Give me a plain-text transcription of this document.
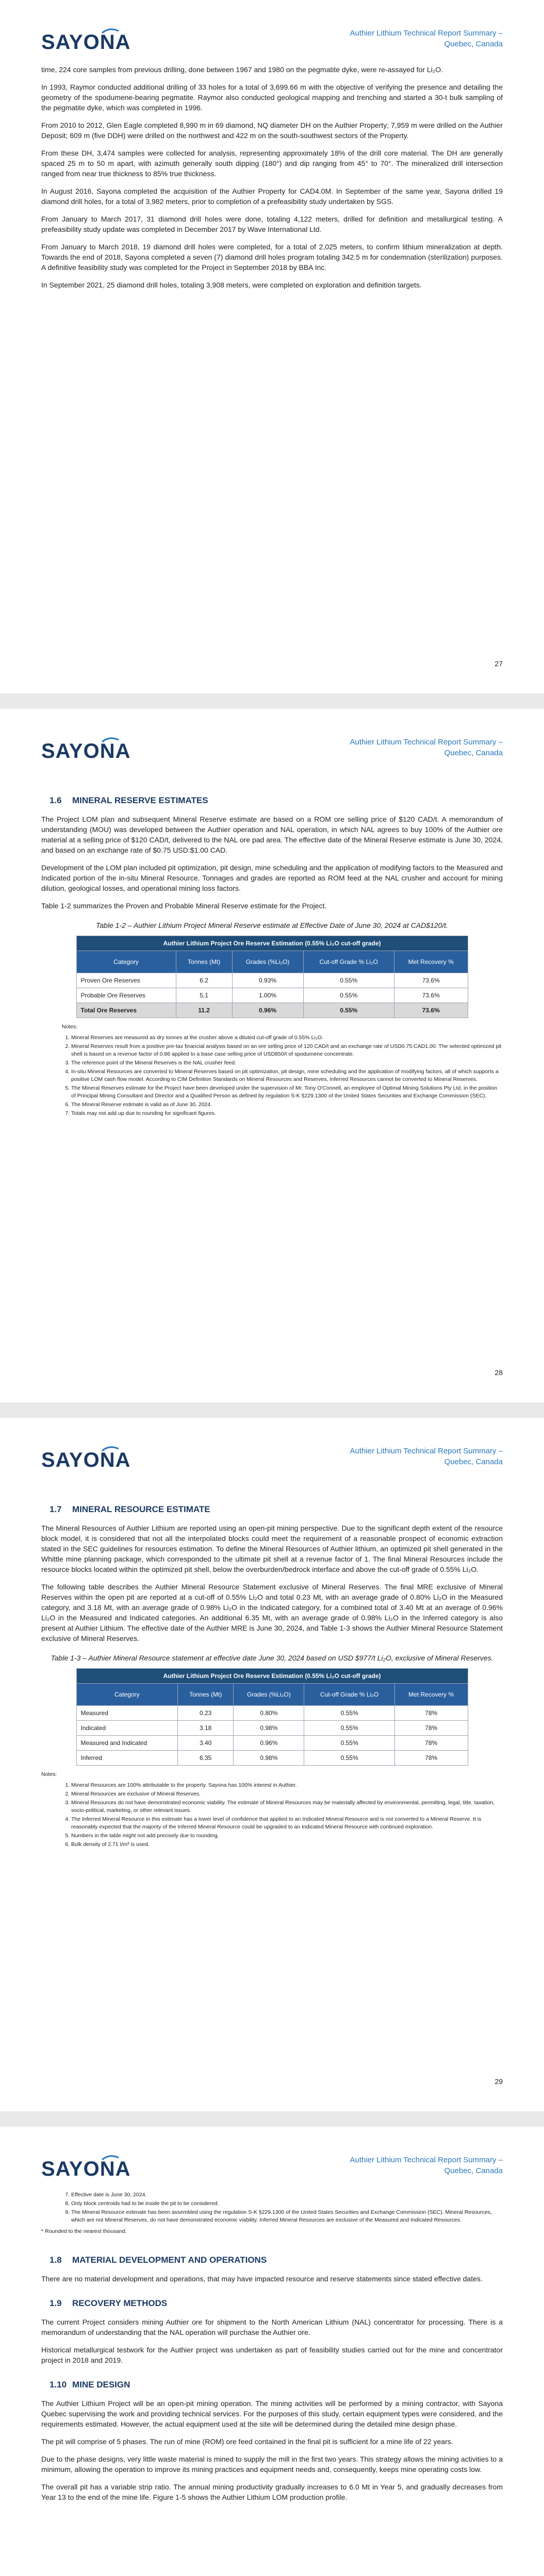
SAYONA	Authier Lithium Technical Report Summary –
Quebec, Canada

time, 224 core samples from previous drilling, done between 1967 and 1980 on the pegmatite dyke, were re-assayed for Li₂O.

In 1993, Raymor conducted additional drilling of 33 holes for a total of 3,699.66 m with the objective of verifying the presence and detailing the geometry of the spodumene-bearing pegmatite. Raymor also conducted geological mapping and trenching and started a 30-t bulk sampling of the pegmatite dyke, which was completed in 1996.

From 2010 to 2012, Glen Eagle completed 8,990 m in 69 diamond, NQ diameter DH on the Authier Property; 7,959 m were drilled on the Authier Deposit; 609 m (five DDH) were drilled on the northwest and 422 m on the south-southwest sectors of the Property.

From these DH, 3,474 samples were collected for analysis, representing approximately 18% of the drill core material. The DH are generally spaced 25 m to 50 m apart, with azimuth generally south dipping (180°) and dip ranging from 45° to 70°. The mineralized drill intersection ranged from near true thickness to 85% true thickness.

In August 2016, Sayona completed the acquisition of the Authier Property for CAD4.0M. In September of the same year, Sayona drilled 19 diamond drill holes, for a total of 3,982 meters, prior to completion of a prefeasibility study undertaken by SGS.

From January to March 2017, 31 diamond drill holes were done, totaling 4,122 meters, drilled for definition and metallurgical testing. A prefeasibility study update was completed in December 2017 by Wave International Ltd.

From January to March 2018, 19 diamond drill holes were completed, for a total of 2,025 meters, to confirm lithium mineralization at depth. Towards the end of 2018, Sayona completed a seven (7) diamond drill holes program totaling 342.5 m for condemnation (sterilization) purposes. A definitive feasibility study was completed for the Project in September 2018 by BBA Inc.

In September 2021, 25 diamond drill holes, totaling 3,908 meters, were completed on exploration and definition targets.

27
SAYONA	Authier Lithium Technical Report Summary –
Quebec, Canada
1.6 MINERAL RESERVE ESTIMATES

The Project LOM plan and subsequent Mineral Reserve estimate are based on a ROM ore selling price of $120 CAD/t. A memorandum of understanding (MOU) was developed between the Authier operation and NAL operation, in which NAL agrees to buy 100% of the Authier ore material at a selling price of $120 CAD/t, delivered to the NAL ore pad area. The effective date of the Mineral Reserve estimate is June 30, 2024, and based on an exchange rate of $0.75 USD:$1.00 CAD.

Development of the LOM plan included pit optimization, pit design, mine scheduling and the application of modifying factors to the Measured and Indicated portion of the in-situ Mineral Resource. Tonnages and grades are reported as ROM feed at the NAL crusher and account for mining dilution, geological losses, and operational mining loss factors.

Table 1-2 summarizes the Proven and Probable Mineral Reserve estimate for the Project.

Table 1-2 – Authier Lithium Project Mineral Reserve estimate at Effective Date of June 30, 2024 at CAD$120/t.
Authier Lithium Project Ore Reserve Estimation (0.55% Li₂O cut-off grade)				
Category	Tonnes (Mt)	Grades (%Li₂O)	Cut-off Grade % Li₂O	Met Recovery %
Proven Ore Reserves	6.2	0.93%	0.55%	73.6%
Probable Ore Reserves	5.1	1.00%	0.55%	73.6%
Total Ore Reserves	11.2	0.96%	0.55%	73.6%
Notes:
1. Mineral Reserves are measured as dry tonnes at the crusher above a diluted cut-off grade of 0.55% Li₂O.
2. Mineral Reserves result from a positive pre-tax financial analysis based on an ore selling price of 120 CAD/t and an exchange rate of USD0.75:CAD1.00. The selected optimized pit shell is based on a revenue factor of 0.86 applied to a base case selling price of USD850/t of spodumene concentrate.
3. The reference point of the Mineral Reserves is the NAL crusher feed.
4. In-situ Mineral Resources are converted to Mineral Reserves based on pit optimization, pit design, mine scheduling and the application of modifying factors, all of which supports a positive LOM cash flow model. According to CIM Definition Standards on Mineral Resources and Reserves, Inferred Resources cannot be converted to Mineral Reserves.
5. The Mineral Reserves estimate for the Project have been developed under the supervision of Mr. Tony O'Connell, an employee of Optimal Mining Solutions Pty Ltd. in the position of Principal Mining Consultant and Director and a Qualified Person as defined by regulation S-K §229.1300 of the United States Securities and Exchange Commission (SEC).
6. The Mineral Reserve estimate is valid as of June 30, 2024.
7. Totals may not add up due to rounding for significant figures.
28
SAYONA	Authier Lithium Technical Report Summary –
Quebec, Canada
1.7 MINERAL RESOURCE ESTIMATE

The Mineral Resources of Authier Lithium are reported using an open-pit mining perspective. Due to the significant depth extent of the resource block model, it is considered that not all the interpolated blocks could meet the requirement of a reasonable prospect of economic extraction stated in the SEC guidelines for resources estimation. To define the Mineral Resources of Authier lithium, an optimized pit shell generated in the Whittle mine planning package, which corresponded to the ultimate pit shell at a revenue factor of 1. The final Mineral Resources include the resource blocks located within the optimized pit shell, below the overburden/bedrock interface and above the cut-off grade of 0.55% Li₂O.

The following table describes the Authier Mineral Resource Statement exclusive of Mineral Reserves. The final MRE exclusive of Mineral Reserves within the open pit are reported at a cut-off of 0.55% Li₂O and total 0.23 Mt, with an average grade of 0.80% Li₂O in the Measured category, and 3.18 Mt, with an average grade of 0.98% Li₂O in the Indicated category, for a combined total of 3.40 Mt at an average of 0.96% Li₂O in the Measured and Indicated categories. An additional 6.35 Mt, with an average grade of 0.98% Li₂O in the Inferred category is also present at Authier Lithium. The effective date of the Authier MRE is June 30, 2024, and Table 1-3 shows the Authier Mineral Resource Statement exclusive of Mineral Reserves.

Table 1-3 – Authier Mineral Resource statement at effective date June 30, 2024 based on USD $977/t Li₂O, exclusive of Mineral Reserves.
Authier Lithium Project Ore Reserve Estimation (0.55% Li₂O cut-off grade)				
Category	Tonnes (Mt)	Grades (%Li₂O)	Cut-off Grade % Li₂O	Met Recovery %
Measured	0.23	0.80%	0.55%	78%
Indicated	3.18	0.98%	0.55%	78%
Measured and Indicated	3.40	0.96%	0.55%	78%
Inferred	6.35	0.98%	0.55%	78%
Notes:
1. Mineral Resources are 100% attributable to the property. Sayona has 100% interest in Authier.
2. Mineral Resources are exclusive of Mineral Reserves.
3. Mineral Resources do not have demonstrated economic viability. The estimate of Mineral Resources may be materially affected by environmental, permitting, legal, title, taxation, socio-political, marketing, or other relevant issues.
4. The Inferred Mineral Resource in this estimate has a lower level of confidence that applied to an Indicated Mineral Resource and is not converted to a Mineral Reserve. It is reasonably expected that the majority of the Inferred Mineral Resource could be upgraded to an Indicated Mineral Resource with continued exploration.
5. Numbers in the table might not add precisely due to rounding.
6. Bulk density of 2.71 t/m³ is used.
29
SAYONA	Authier Lithium Technical Report Summary –
Quebec, Canada
7. Effective date is June 30, 2024.
8. Only block centroids had to be inside the pit to be considered.
9. The Mineral Resource estimate has been assembled using the regulation S-K §229.1300 of the United States Securities and Exchange Commission (SEC). Mineral Resources, which are not Mineral Reserves, do not have demonstrated economic viability. Inferred Mineral Resources are exclusive of the Measured and Indicated Resources.
* Rounded to the nearest thousand.
1.8 MATERIAL DEVELOPMENT AND OPERATIONS

There are no material development and operations, that may have impacted resource and reserve statements since stated effective dates.

1.9 RECOVERY METHODS

The current Project considers mining Authier ore for shipment to the North American Lithium (NAL) concentrator for processing. There is a memorandum of understanding that the NAL operation will purchase the Authier ore.

Historical metallurgical testwork for the Authier project was undertaken as part of feasibility studies carried out for the mine and concentrator project in 2018 and 2019.

1.10 MINE DESIGN

The Authier Lithium Project will be an open-pit mining operation. The mining activities will be performed by a mining contractor, with Sayona Quebec supervising the work and providing technical services. For the purposes of this study, certain equipment types were considered, and the requirements estimated. However, the actual equipment used at the site will be determined during the detailed mine design phase.

The pit will comprise of 5 phases. The run of mine (ROM) ore feed contained in the final pit is sufficient for a mine life of 22 years.

Due to the phase designs, very little waste material is mined to supply the mill in the first two years. This strategy allows the mining activities to a minimum, allowing the operation to improve its mining practices and equipment needs and, consequently, keeps mine operating costs low.

The overall pit has a variable strip ratio. The annual mining productivity gradually increases to 6.0 Mt in Year 5, and gradually decreases from Year 13 to the end of the mine life. Figure 1-5 shows the Authier Lithium LOM production profile.
